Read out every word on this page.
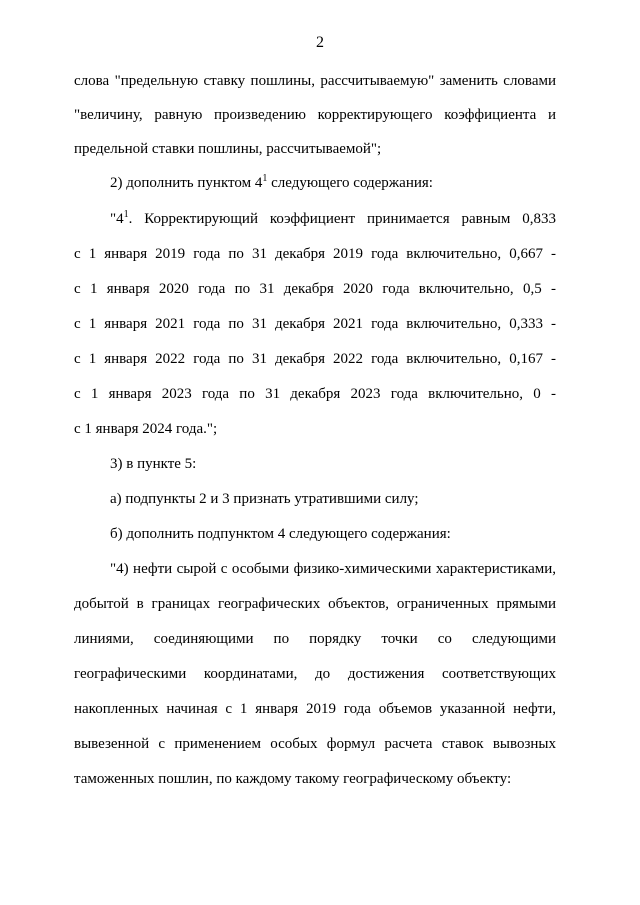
2
слова "предельную ставку пошлины, рассчитываемую" заменить словами
"величину, равную произведению корректирующего коэффициента и
предельной ставки пошлины, рассчитываемой";
2) дополнить пунктом $4^1$ следующего содержания:
"$4^1$. Корректирующий коэффициент принимается равным 0,833
с 1 января 2019 года по 31 декабря 2019 года включительно, 0,667 -
с 1 января 2020 года по 31 декабря 2020 года включительно, 0,5 -
с 1 января 2021 года по 31 декабря 2021 года включительно, 0,333 -
с 1 января 2022 года по 31 декабря 2022 года включительно, 0,167 -
с 1 января 2023 года по 31 декабря 2023 года включительно, 0 -
с 1 января 2024 года.";
3) в пункте 5:
а) подпункты 2 и 3 признать утратившими силу;
б) дополнить подпунктом 4 следующего содержания:
"4) нефти сырой с особыми физико-химическими характеристиками,
добытой в границах географических объектов, ограниченных прямыми
линиями, соединяющими по порядку точки со следующими
географическими координатами, до достижения соответствующих
накопленных начиная с 1 января 2019 года объемов указанной нефти,
вывезенной с применением особых формул расчета ставок вывозных
таможенных пошлин, по каждому такому географическому объекту:
